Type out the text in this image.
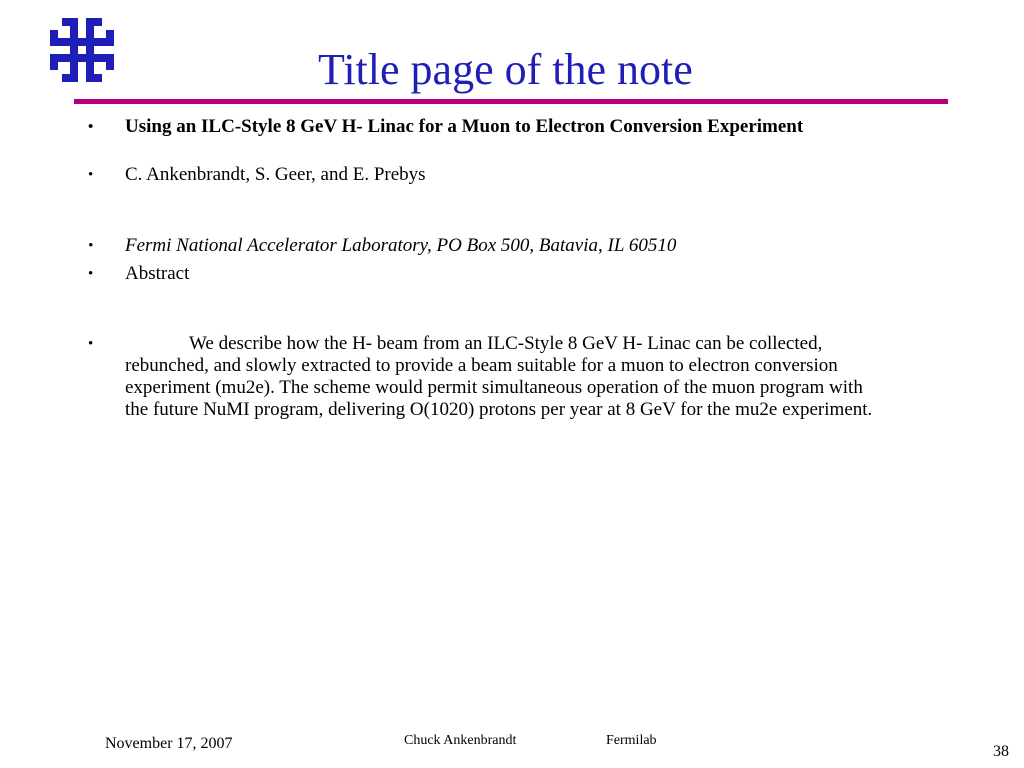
Title page of the note
• Using an ILC-Style 8 GeV H- Linac for a Muon to Electron Conversion Experiment
• C. Ankenbrandt, S. Geer, and E. Prebys
• Fermi National Accelerator Laboratory, PO Box 500, Batavia, IL 60510
• Abstract
•	We describe how the H- beam from an ILC-Style 8 GeV H- Linac can be collected, rebunched, and slowly extracted to provide a beam suitable for a muon to electron conversion experiment (mu2e). The scheme would permit simultaneous operation of the muon program with the future NuMI program, delivering O(1020) protons per year at 8 GeV for the mu2e experiment.
November 17, 2007	Chuck Ankenbrandt	Fermilab
38
